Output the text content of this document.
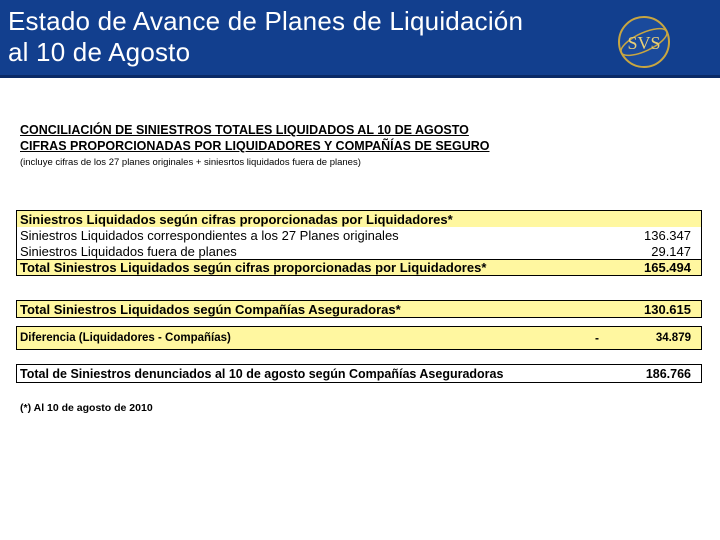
Estado de Avance de Planes de Liquidación
al 10 de Agosto	SVS
CONCILIACIÓN DE SINIESTROS TOTALES LIQUIDADOS AL 10 DE AGOSTO
CIFRAS PROPORCIONADAS POR LIQUIDADORES Y COMPAÑÍAS DE SEGURO
(incluye cifras de los 27 planes originales + siniesrtos liquidados fuera de planes)
Siniestros Liquidados según cifras proporcionadas por Liquidadores*
Siniestros Liquidados correspondientes a los 27 Planes originales	136.347
Siniestros Liquidados fuera de planes	29.147
Total Siniestros Liquidados según cifras proporcionadas por Liquidadores*	165.494
Total Siniestros Liquidados según Compañías Aseguradoras*	130.615
Diferencia (Liquidadores - Compañías)	-	34.879
Total de Siniestros denunciados al 10 de agosto según Compañías Aseguradoras	186.766
(*) Al 10 de agosto de 2010
